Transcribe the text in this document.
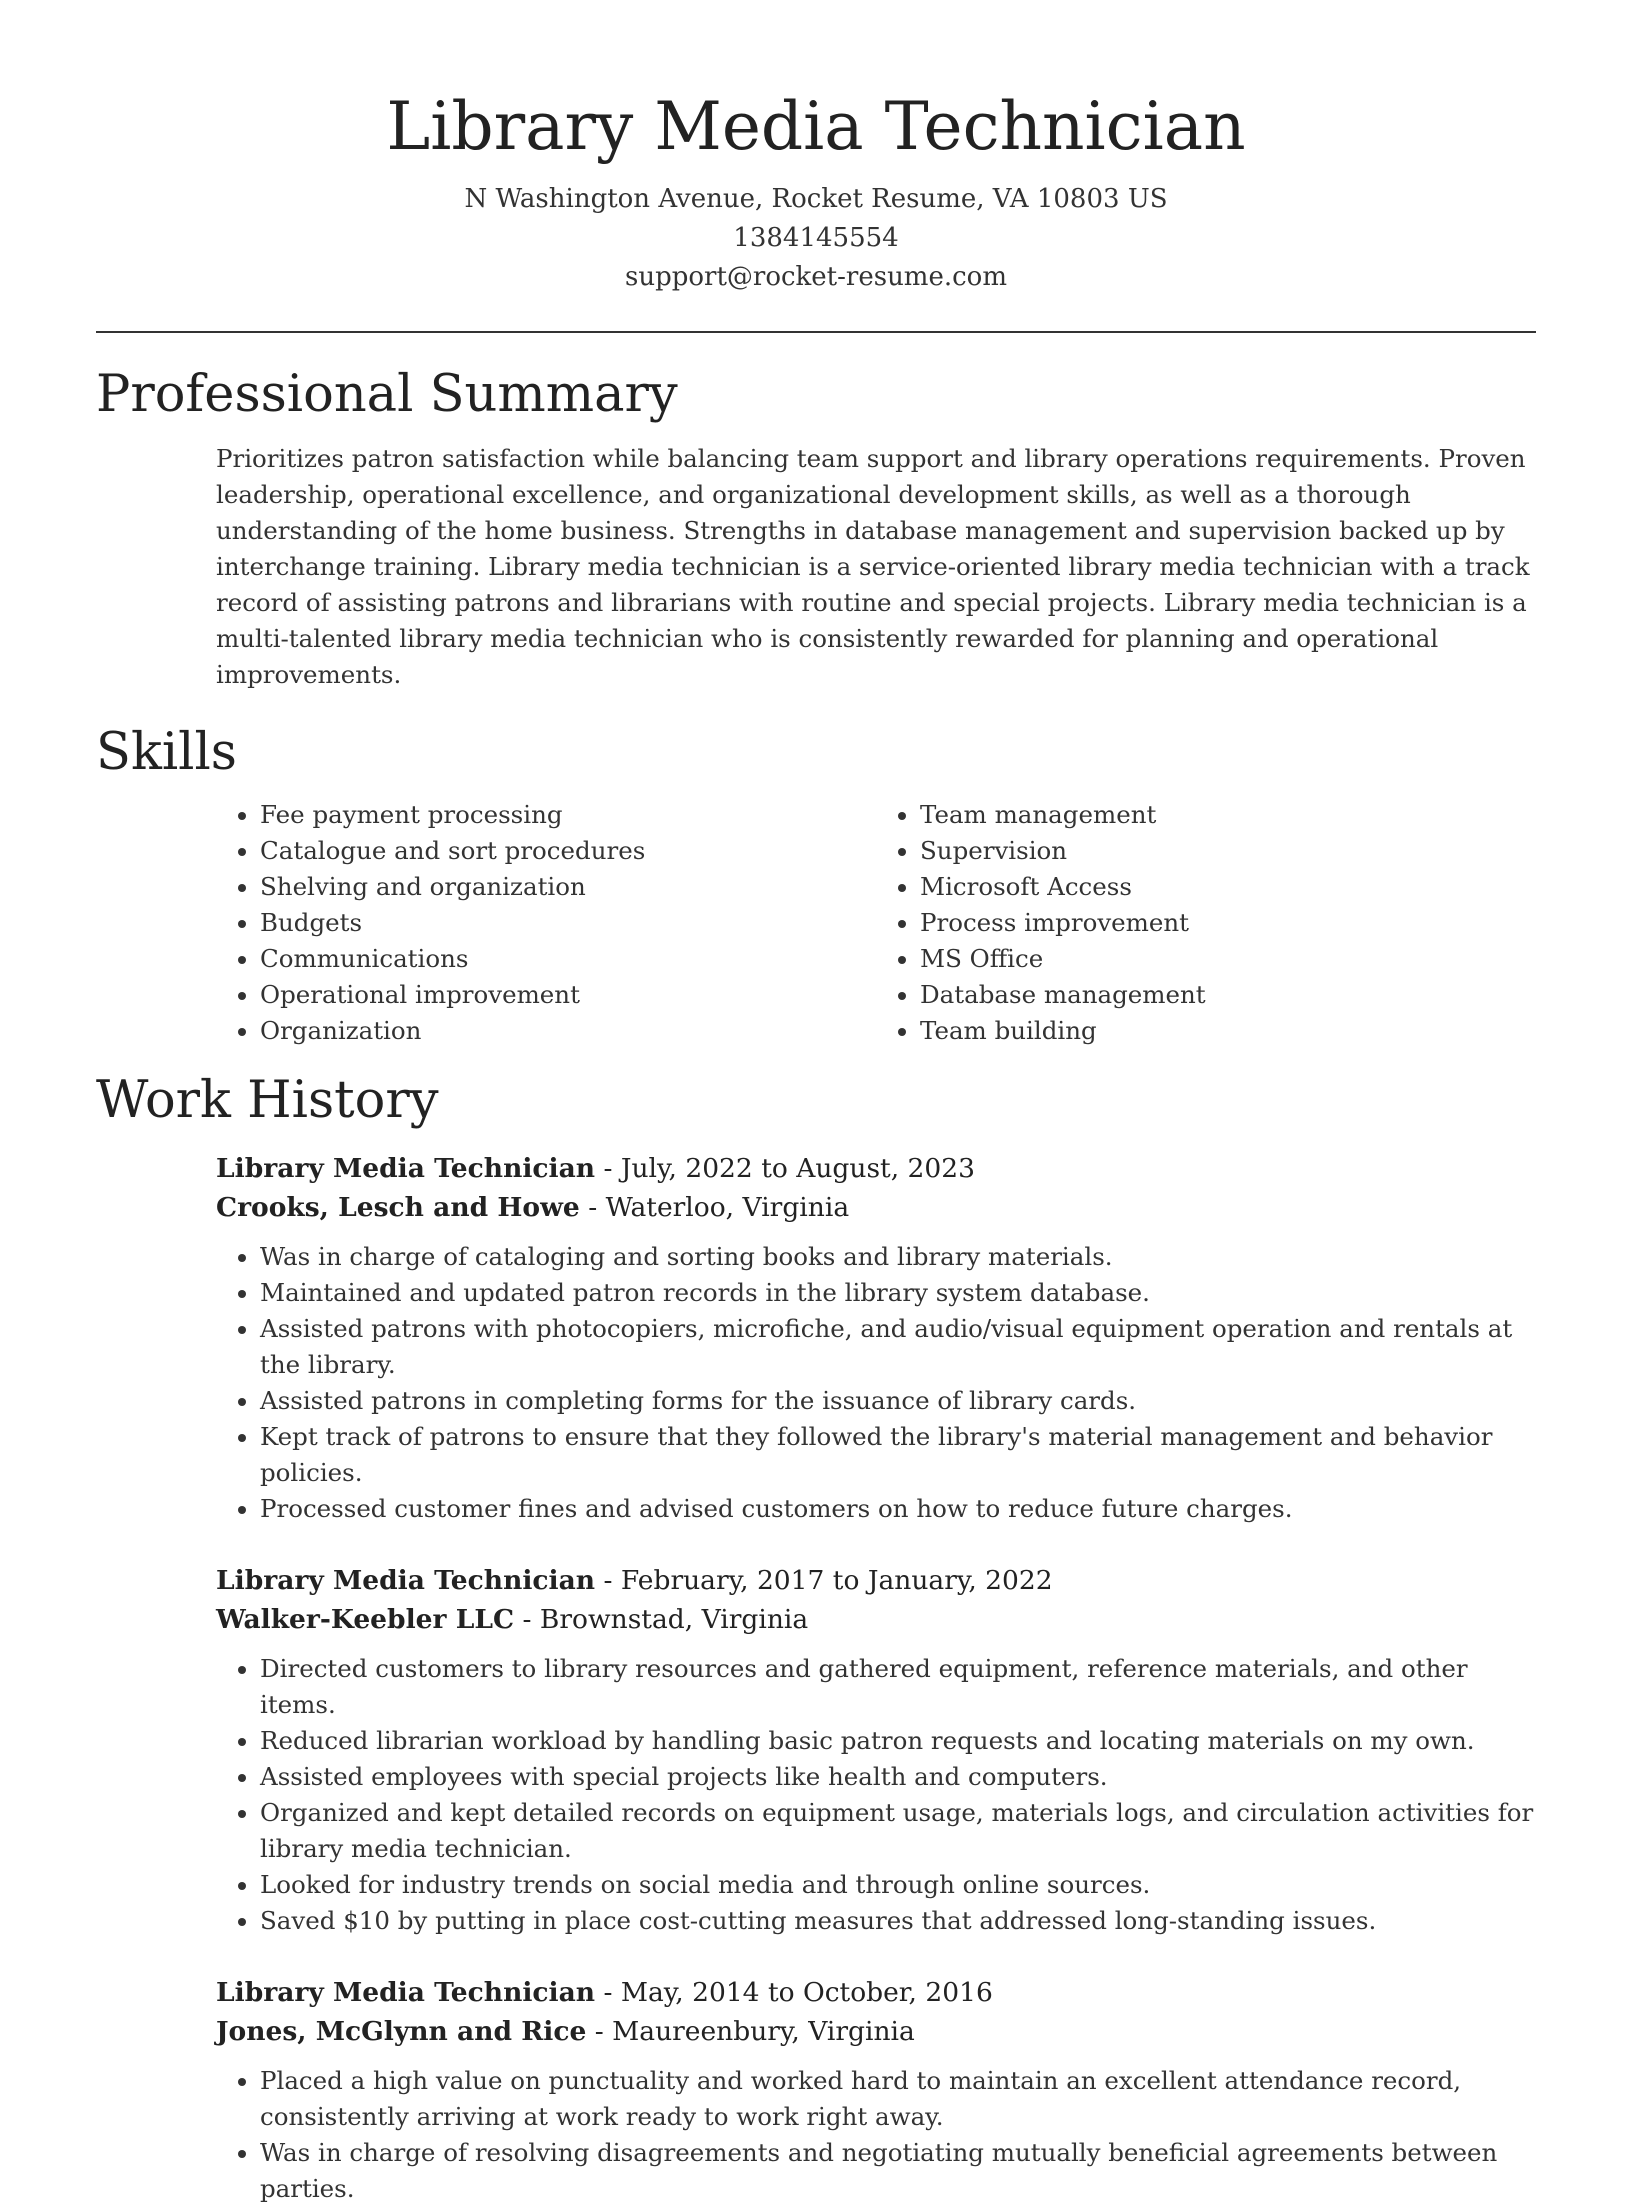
Library Media Technician
N Washington Avenue, Rocket Resume, VA 10803 US
1384145554
support@rocket-resume.com
Professional Summary
Prioritizes patron satisfaction while balancing team support and library operations requirements. Proven leadership, operational excellence, and organizational development skills, as well as a thorough understanding of the home business. Strengths in database management and supervision backed up by interchange training. Library media technician is a service-oriented library media technician with a track record of assisting patrons and librarians with routine and special projects. Library media technician is a multi-talented library media technician who is consistently rewarded for planning and operational improvements.
Skills
• Fee payment processing
• Catalogue and sort procedures
• Shelving and organization
• Budgets
• Communications
• Operational improvement
• Organization
• Team management
• Supervision
• Microsoft Access
• Process improvement
• MS Office
• Database management
• Team building
Work History
Library Media Technician - July, 2022 to August, 2023
Crooks, Lesch and Howe - Waterloo, Virginia
• Was in charge of cataloging and sorting books and library materials.
• Maintained and updated patron records in the library system database.
• Assisted patrons with photocopiers, microfiche, and audio/visual equipment operation and rentals at the library.
• Assisted patrons in completing forms for the issuance of library cards.
• Kept track of patrons to ensure that they followed the library's material management and behavior policies.
• Processed customer fines and advised customers on how to reduce future charges.
Library Media Technician - February, 2017 to January, 2022
Walker-Keebler LLC - Brownstad, Virginia
• Directed customers to library resources and gathered equipment, reference materials, and other items.
• Reduced librarian workload by handling basic patron requests and locating materials on my own.
• Assisted employees with special projects like health and computers.
• Organized and kept detailed records on equipment usage, materials logs, and circulation activities for library media technician.
• Looked for industry trends on social media and through online sources.
• Saved $10 by putting in place cost-cutting measures that addressed long-standing issues.
Library Media Technician - May, 2014 to October, 2016
Jones, McGlynn and Rice - Maureenbury, Virginia
• Placed a high value on punctuality and worked hard to maintain an excellent attendance record, consistently arriving at work ready to work right away.
• Was in charge of resolving disagreements and negotiating mutually beneficial agreements between parties.
